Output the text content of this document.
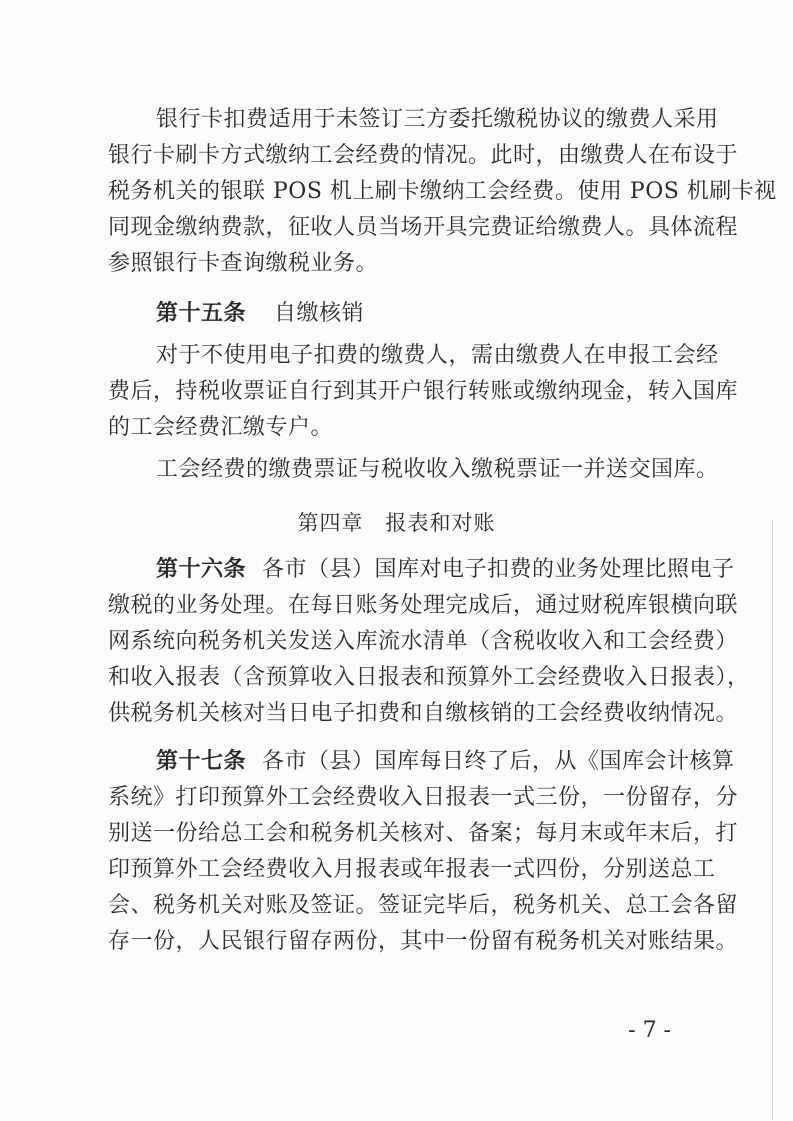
银行卡扣费适用于未签订三方委托缴税协议的缴费人采用
银行卡刷卡方式缴纳工会经费的情况。此时，由缴费人在布设于
税务机关的银联 POS 机上刷卡缴纳工会经费。使用 POS 机刷卡视
同现金缴纳费款，征收人员当场开具完费证给缴费人。具体流程
参照银行卡查询缴税业务。
第十五条 自缴核销
对于不使用电子扣费的缴费人，需由缴费人在申报工会经
费后，持税收票证自行到其开户银行转账或缴纳现金，转入国库
的工会经费汇缴专户。
工会经费的缴费票证与税收收入缴税票证一并送交国库。
第四章　报表和对账
第十六条 各市（县）国库对电子扣费的业务处理比照电子
缴税的业务处理。在每日账务处理完成后，通过财税库银横向联
网系统向税务机关发送入库流水清单（含税收收入和工会经费）
和收入报表（含预算收入日报表和预算外工会经费收入日报表），
供税务机关核对当日电子扣费和自缴核销的工会经费收纳情况。
第十七条 各市（县）国库每日终了后，从《国库会计核算
系统》打印预算外工会经费收入日报表一式三份，一份留存，分
别送一份给总工会和税务机关核对、备案；每月末或年末后，打
印预算外工会经费收入月报表或年报表一式四份，分别送总工
会、税务机关对账及签证。签证完毕后，税务机关、总工会各留
存一份，人民银行留存两份，其中一份留有税务机关对账结果。
- 7 -
